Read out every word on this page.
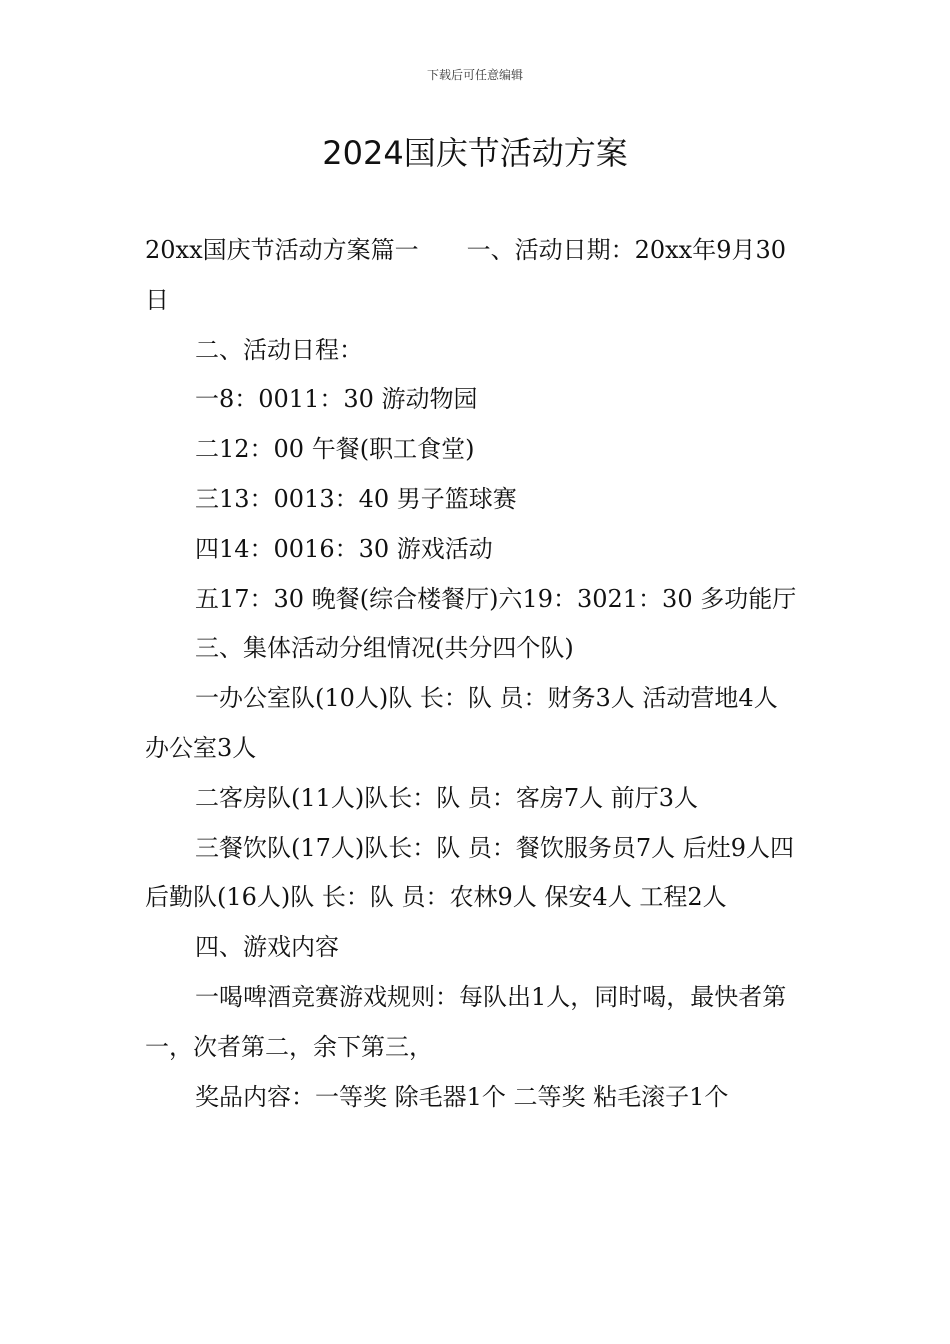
下载后可任意编辑
2024国庆节活动方案

20xx国庆节活动方案篇一　　一、活动日期：20xx年9月30日

二、活动日程：

一8：0011：30 游动物园

二12：00 午餐(职工食堂)

三13：0013：40 男子篮球赛

四14：0016：30 游戏活动

五17：30 晚餐(综合楼餐厅)六19：3021：30 多功能厅

三、集体活动分组情况(共分四个队)

一办公室队(10人)队 长：队 员：财务3人 活动营地4人 办公室3人

二客房队(11人)队长：队 员：客房7人 前厅3人

三餐饮队(17人)队长：队 员：餐饮服务员7人 后灶9人四后勤队(16人)队 长：队 员：农林9人 保安4人 工程2人

四、游戏内容

一喝啤酒竞赛游戏规则：每队出1人，同时喝，最快者第一，次者第二，余下第三，

奖品内容：一等奖 除毛器1个 二等奖 粘毛滚子1个
